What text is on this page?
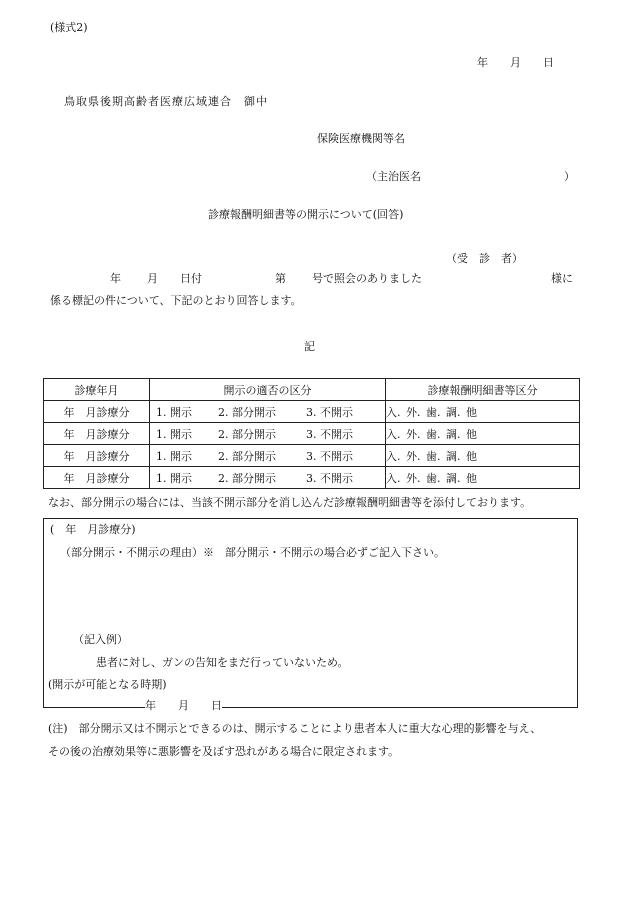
(様式2)
年　　月　　日
鳥取県後期高齢者医療広域連合　御中
保険医療機関等名
（主治医名　　　　　　　　　　　　　）
診療報酬明細書等の開示について(回答)
（受　診　者）
年 月 日付	第 号で照会のありました	様に
係る標記の件について、下記のとおり回答します。
記
診療年月	開示の適否の区分	診療報酬明細書等区分
年　月診療分	1. 開示 2. 部分開示 3. 不開示	入. 外. 歯. 調. 他
年　月診療分	1. 開示 2. 部分開示 3. 不開示	入. 外. 歯. 調. 他
年　月診療分	1. 開示 2. 部分開示 3. 不開示	入. 外. 歯. 調. 他
年　月診療分	1. 開示 2. 部分開示 3. 不開示	入. 外. 歯. 調. 他
なお、部分開示の場合には、当該不開示部分を消し込んだ診療報酬明細書等を添付しております。
(　年　月診療分)
（部分開示・不開示の理由）※　部分開示・不開示の場合必ずご記入下さい。
（記入例）
患者に対し、ガンの告知をまだ行っていないため。
(開示が可能となる時期)
年　　月　　日
(注)　部分開示又は不開示とできるのは、開示することにより患者本人に重大な心理的影響を与え、
その後の治療効果等に悪影響を及ぼす恐れがある場合に限定されます。
